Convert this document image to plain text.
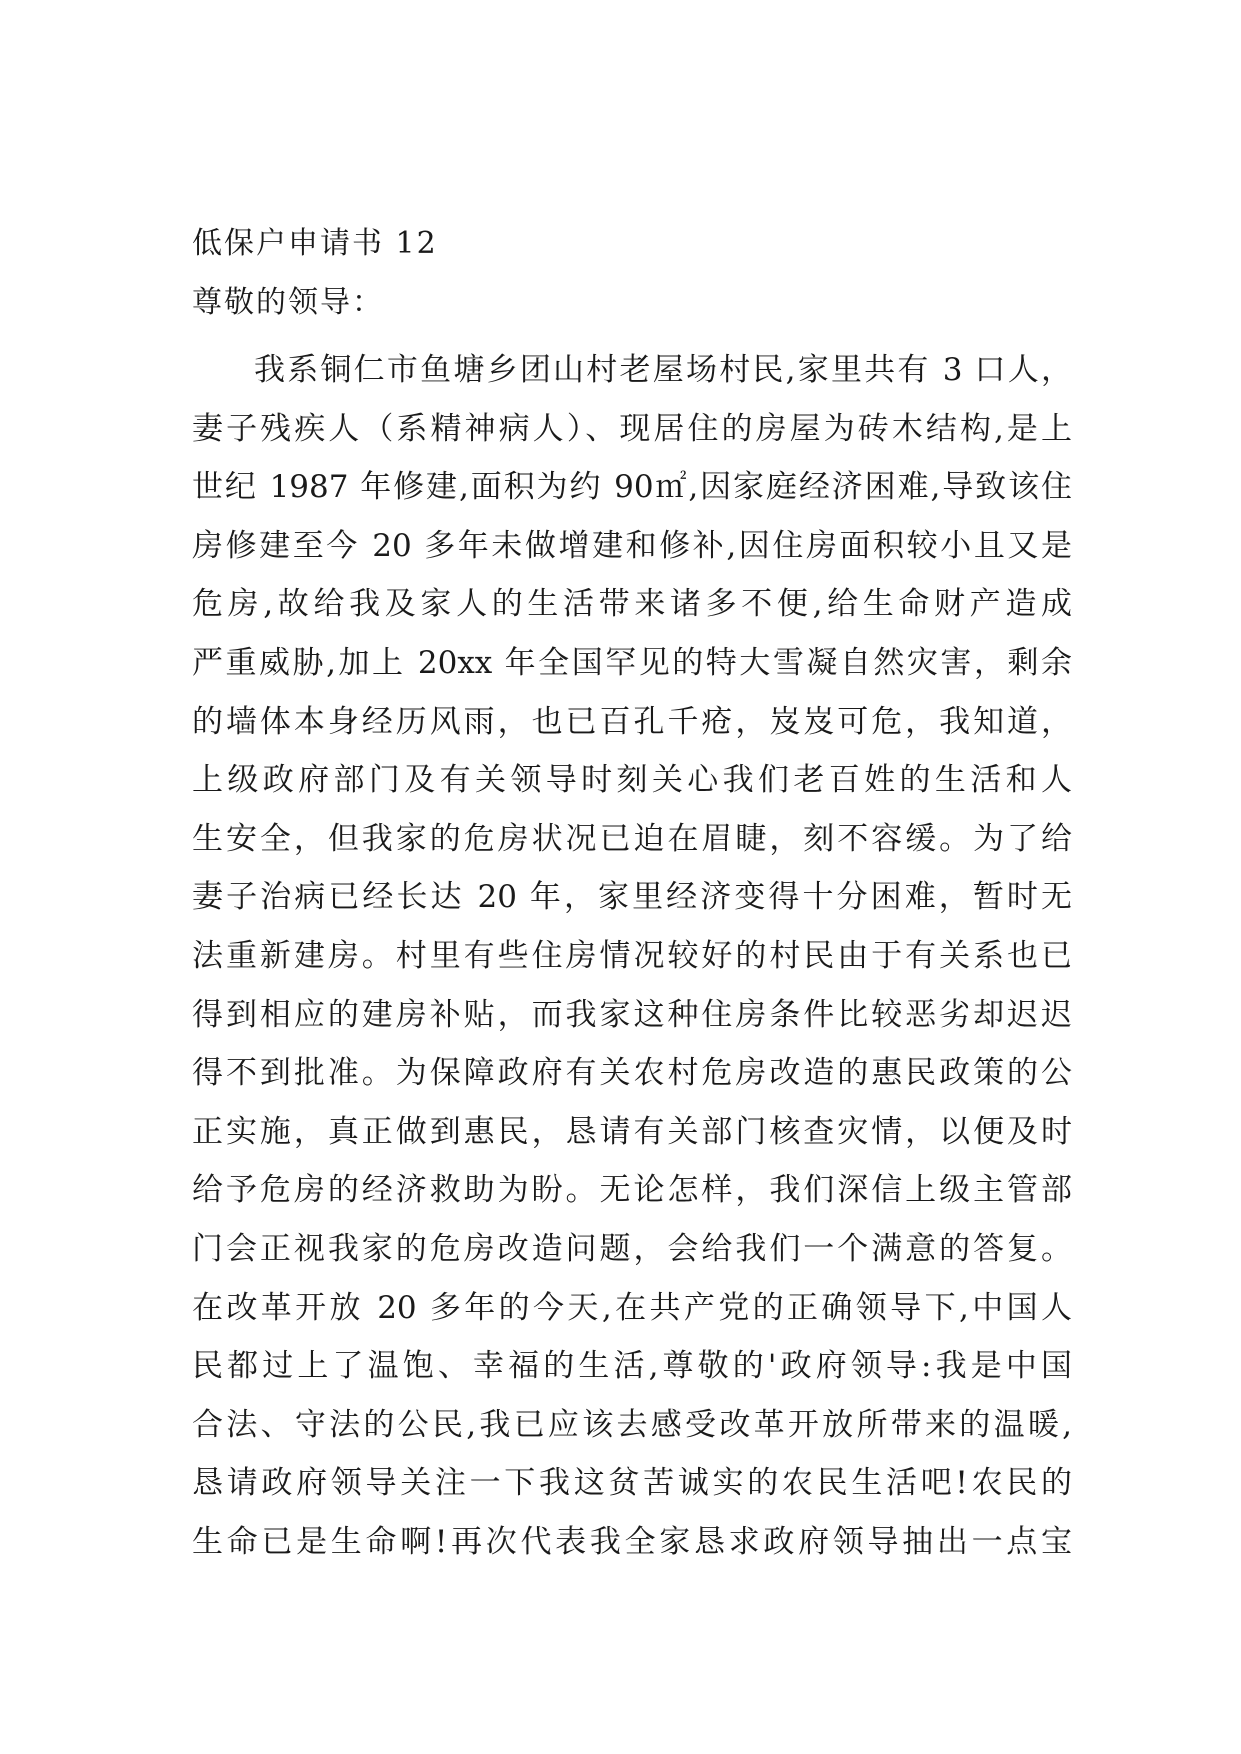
低保户申请书 12
尊敬的领导：
我系铜仁市鱼塘乡团山村老屋场村民,家里共有 3 口人，
妻子残疾人（系精神病人）、现居住的房屋为砖木结构,是上
世纪 1987 年修建,面积为约 90㎡,因家庭经济困难,导致该住
房修建至今 20 多年未做增建和修补,因住房面积较小且又是
危房,故给我及家人的生活带来诸多不便,给生命财产造成
严重威胁,加上 20xx 年全国罕见的特大雪凝自然灾害，剩余
的墙体本身经历风雨，也已百孔千疮，岌岌可危，我知道，
上级政府部门及有关领导时刻关心我们老百姓的生活和人
生安全，但我家的危房状况已迫在眉睫，刻不容缓。为了给
妻子治病已经长达 20 年，家里经济变得十分困难，暂时无
法重新建房。村里有些住房情况较好的村民由于有关系也已
得到相应的建房补贴，而我家这种住房条件比较恶劣却迟迟
得不到批准。为保障政府有关农村危房改造的惠民政策的公
正实施，真正做到惠民，恳请有关部门核查灾情，以便及时
给予危房的经济救助为盼。无论怎样，我们深信上级主管部
门会正视我家的危房改造问题，会给我们一个满意的答复。
在改革开放 20 多年的今天,在共产党的正确领导下,中国人
民都过上了温饱、幸福的生活,尊敬的'政府领导:我是中国
合法、守法的公民,我已应该去感受改革开放所带来的温暖,
恳请政府领导关注一下我这贫苦诚实的农民生活吧!农民的
生命已是生命啊!再次代表我全家恳求政府领导抽出一点宝
